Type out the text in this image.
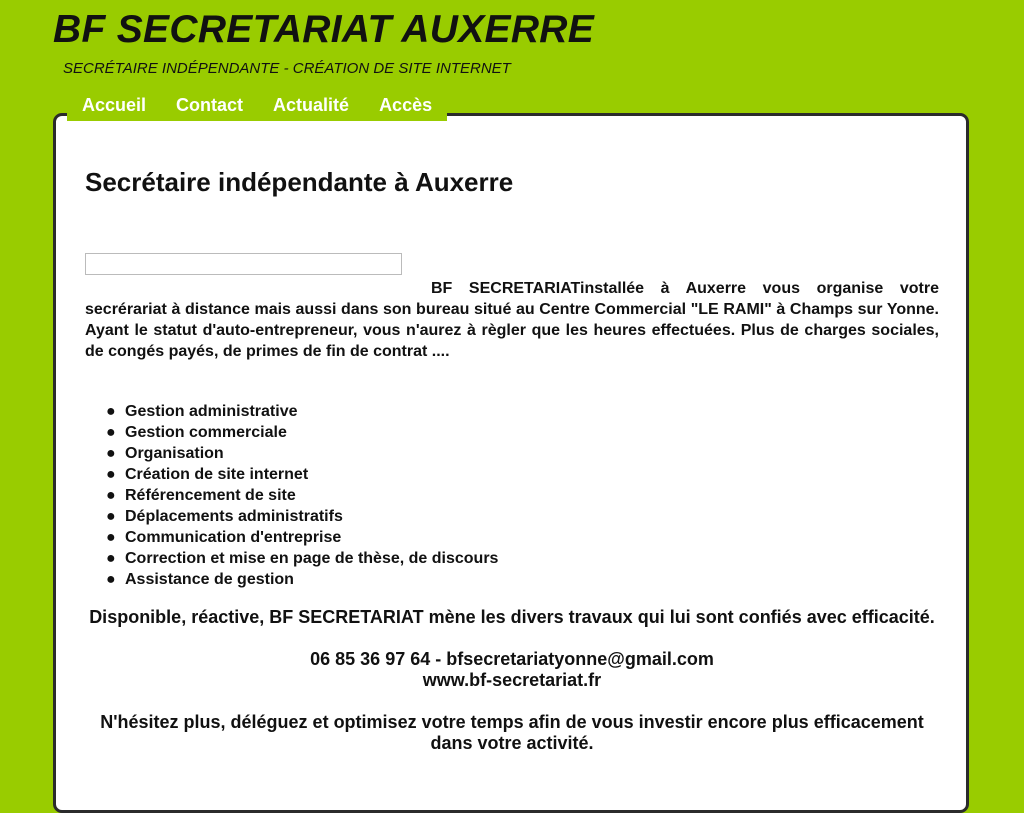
BF SECRETARIAT AUXERRE

SECRÉTAIRE INDÉPENDANTE - CRÉATION DE SITE INTERNET

Accueil	Contact	Actualité	Accès
Secrétaire indépendante à Auxerre

BF SECRETARIATinstallée à Auxerre vous organise votre secréraria​t à distance mais aussi dans son bureau situé au Centre Commercial "LE RAMI" à Champs sur Yonne. Ayant le statut d'auto-entrepreneur, vous n'aurez à règler que les heures effectuées. Plus de charges sociales, de congés payés, de primes de fin de contrat ....

● Gestion administrative
● Gestion commerciale
● Organisation
● Création de site internet
● Référencement de site
● Déplacements administratifs
● Communication d'entreprise
● Correction et mise en page de thèse, de discours
● Assistance de gestion

Disponible, réactive, BF SECRETARIAT mène les divers travaux qui lui sont confiés avec efficacité.

06 85 36 97 64 - bfsecretariatyonne@gmail.com

www.bf-secretariat.fr

N'hésitez plus, déléguez et optimisez votre temps afin de vous investir encore plus efficacement dans votre activité.
